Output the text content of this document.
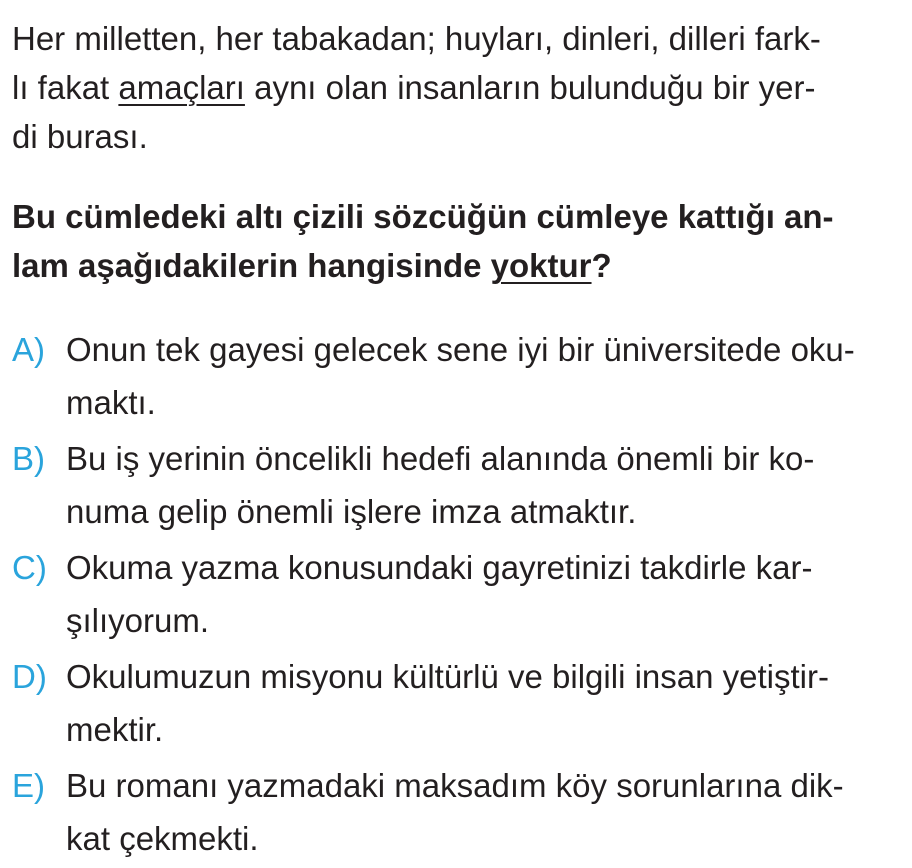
Her milletten, her tabakadan; huyları, dinleri, dilleri fark-
lı fakat amaçları aynı olan insanların bulunduğu bir yer-
di burası.

Bu cümledeki altı çizili sözcüğün cümleye kattığı an-
lam aşağıdakilerin hangisinde yoktur?

A) Onun tek gayesi gelecek sene iyi bir üniversitede oku-
maktı.
B) Bu iş yerinin öncelikli hedefi alanında önemli bir ko-
numa gelip önemli işlere imza atmaktır.
C) Okuma yazma konusundaki gayretinizi takdirle kar-
şılıyorum.
D) Okulumuzun misyonu kültürlü ve bilgili insan yetiştir-
mektir.
E) Bu romanı yazmadaki maksadım köy sorunlarına dik-
kat çekmekti.
